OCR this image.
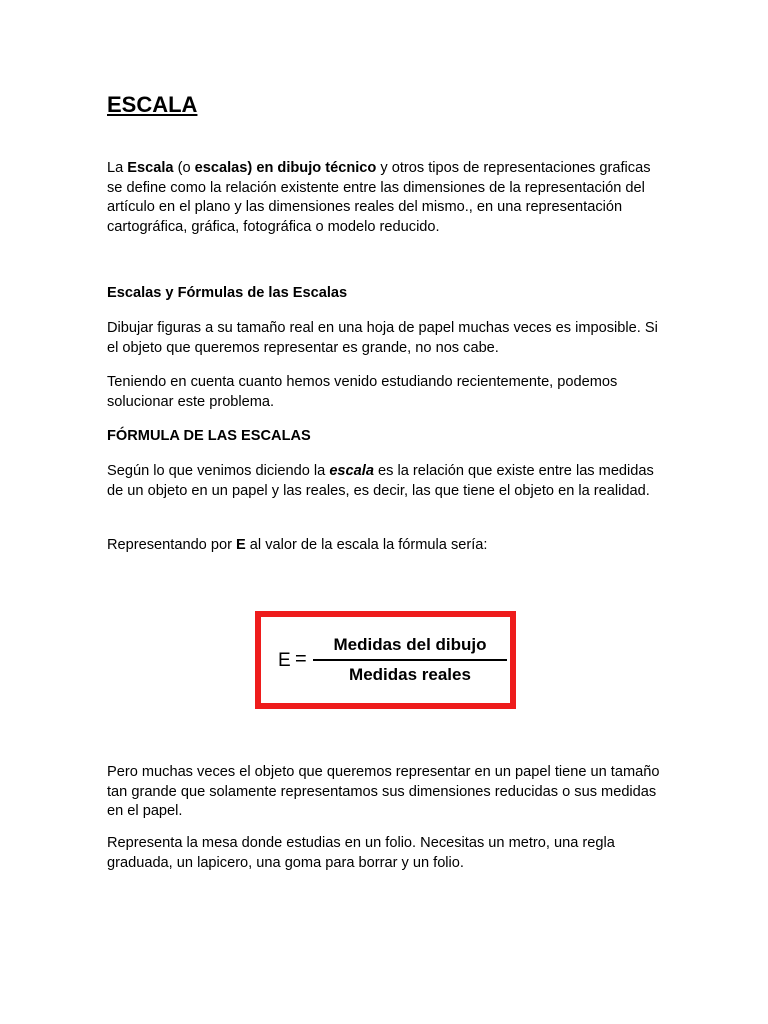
ESCALA

La Escala (o escalas) en dibujo técnico y otros tipos de representaciones graficas se define como la relación existente entre las dimensiones de la representación del artículo en el plano y las dimensiones reales del mismo., en una representación cartográfica, gráfica, fotográfica o modelo reducido.

Escalas y Fórmulas de las Escalas

Dibujar figuras a su tamaño real en una hoja de papel muchas veces es imposible. Si el objeto que queremos representar es grande, no nos cabe.

Teniendo en cuenta cuanto hemos venido estudiando recientemente, podemos solucionar este problema.

FÓRMULA DE LAS ESCALAS

Según lo que venimos diciendo la escala es la relación que existe entre las medidas de un objeto en un papel y las reales, es decir, las que tiene el objeto en la realidad.

Representando por E al valor de la escala la fórmula sería:

Pero muchas veces el objeto que queremos representar en un papel tiene un tamaño tan grande que solamente representamos sus dimensiones reducidas o sus medidas en el papel.

Representa la mesa donde estudias en un folio. Necesitas un metro, una regla graduada, un lapicero, una goma para borrar y un folio.

E =
Medidas del dibujo
Medidas reales
